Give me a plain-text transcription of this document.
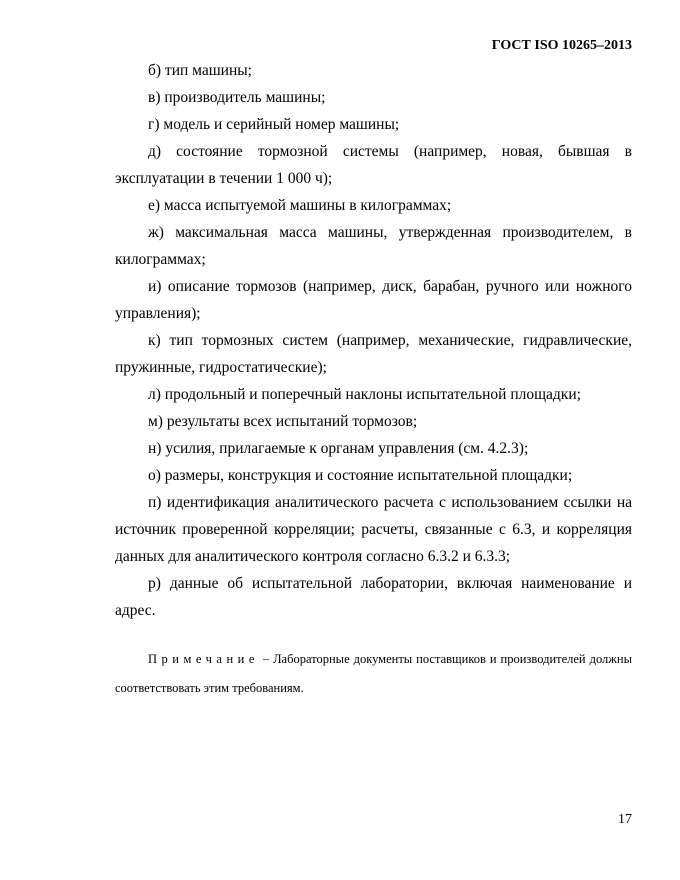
ГОСТ ISO 10265–2013

б) тип машины;

в) производитель машины;

г) модель и серийный номер машины;

д) состояние тормозной системы (например, новая, бывшая в эксплуатации в течении 1 000 ч);

е) масса испытуемой машины в килограммах;

ж) максимальная масса машины, утвержденная производителем, в килограммах;

и) описание тормозов (например, диск, барабан, ручного или ножного управления);

к) тип тормозных систем (например, механические, гидравлические, пружинные, гидростатические);

л) продольный и поперечный наклоны испытательной площадки;

м) результаты всех испытаний тормозов;

н) усилия, прилагаемые к органам управления (см. 4.2.3);

о) размеры, конструкция и состояние испытательной площадки;

п) идентификация аналитического расчета с использованием ссылки на источник проверенной корреляции; расчеты, связанные с 6.3, и корреляция данных для аналитического контроля согласно 6.3.2 и 6.3.3;

р) данные об испытательной лаборатории, включая наименование и адрес.

Примечание – Лабораторные документы поставщиков и производителей должны соответствовать этим требованиям.
17
